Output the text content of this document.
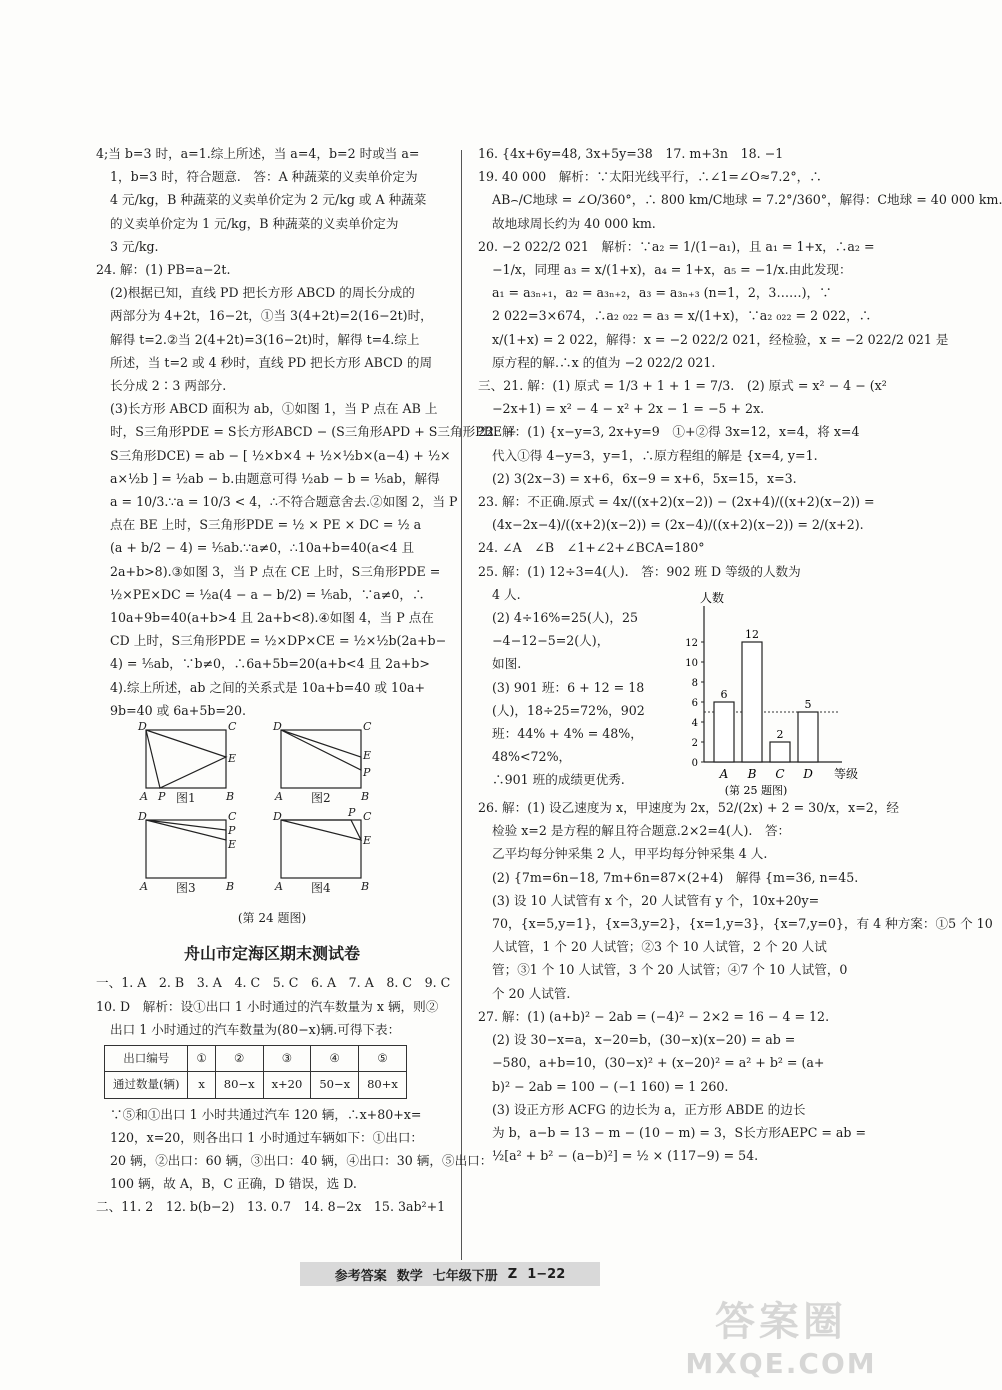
4;当 b=3 时，a=1.综上所述，当 a=4，b=2 时或当 a=
1，b=3 时，符合题意.　答：A 种蔬菜的义卖单价定为
4 元/kg，B 种蔬菜的义卖单价定为 2 元/kg 或 A 种蔬菜
的义卖单价定为 1 元/kg，B 种蔬菜的义卖单价定为
3 元/kg.
24. 解：(1) PB=a−2t.
(2)根据已知，直线 PD 把长方形 ABCD 的周长分成的
两部分为 4+2t，16−2t，①当 3(4+2t)=2(16−2t)时，
解得 t=2.②当 2(4+2t)=3(16−2t)时，解得 t=4.综上
所述，当 t=2 或 4 秒时，直线 PD 把长方形 ABCD 的周
长分成 2∶3 两部分.
(3)长方形 ABCD 面积为 ab，①如图 1，当 P 点在 AB 上
时，S三角形PDE = S长方形ABCD − (S三角形APD + S三角形PBE +
S三角形DCE) = ab − [ ½×b×4 + ½×½b×(a−4) + ½×
a×½b ] = ½ab − b.由题意可得 ½ab − b = ⅕ab，解得
a = 10/3.∵a = 10/3 < 4，∴不符合题意舍去.②如图 2，当 P
点在 BE 上时，S三角形PDE = ½ × PE × DC = ½ a
(a + b/2 − 4) = ⅕ab.∵a≠0，∴10a+b=40(a<4 且
2a+b>8).③如图 3，当 P 点在 CE 上时，S三角形PDE =
½×PE×DC = ½a(4 − a − b/2) = ⅕ab，∵a≠0，∴
10a+9b=40(a+b>4 且 2a+b<8).④如图 4，当 P 点在
CD 上时，S三角形PDE = ½×DP×CE = ½×½b(2a+b−
4) = ⅕ab，∵b≠0，∴6a+5b=20(a+b<4 且 2a+b>
4).综上所述，ab 之间的关系式是 10a+b=40 或 10a+
9b=40 或 6a+5b=20.
D	C
E
A P	B
D	C
E
P
A	B
D	C
P
E
A	B
D	P C
E
A	B
图1	图2
图3	图4
(第 24 题图)
舟山市定海区期末测试卷
一、1. A　2. B　3. A　4. C　5. C　6. A　7. A　8. C　9. C
10. D　解析：设①出口 1 小时通过的汽车数量为 x 辆，则②
出口 1 小时通过的汽车数量为(80−x)辆.可得下表：
出口编号	①	②	③	④	⑤
通过数量(辆)	x	80−x	x+20	50−x	80+x
∵⑤和①出口 1 小时共通过汽车 120 辆，∴x+80+x=
120，x=20，则各出口 1 小时通过车辆如下：①出口：
20 辆，②出口：60 辆，③出口：40 辆，④出口：30 辆，⑤出口：
100 辆，故 A，B，C 正确，D 错误，选 D.
二、11. 2　12. b(b−2)　13. 0.7　14. 8−2x　15. 3ab²+1
16. {4x+6y=48, 3x+5y=38　17. m+3n　18. −1
19. 40 000　解析：∵太阳光线平行，∴∠1=∠O≈7.2°，∴
AB⌢/C地球 = ∠O/360°，∴ 800 km/C地球 = 7.2°/360°，解得：C地球 = 40 000 km.
故地球周长约为 40 000 km.
20. −2 022/2 021　解析：∵a₂ = 1/(1−a₁)，且 a₁ = 1+x，∴a₂ =
−1/x，同理 a₃ = x/(1+x)，a₄ = 1+x，a₅ = −1/x.由此发现：
a₁ = a₃ₙ₊₁，a₂ = a₃ₙ₊₂，a₃ = a₃ₙ₊₃ (n=1，2，3……)，∵
2 022=3×674，∴a₂ ₀₂₂ = a₃ = x/(1+x)，∵a₂ ₀₂₂ = 2 022，∴
x/(1+x) = 2 022，解得：x = −2 022/2 021，经检验，x = −2 022/2 021 是
原方程的解.∴x 的值为 −2 022/2 021.
三、21. 解：(1) 原式 = 1/3 + 1 + 1 = 7/3.　(2) 原式 = x² − 4 − (x²
−2x+1) = x² − 4 − x² + 2x − 1 = −5 + 2x.
22. 解：(1) {x−y=3, 2x+y=9　①+②得 3x=12，x=4，将 x=4
代入①得 4−y=3，y=1，∴原方程组的解是 {x=4, y=1.
(2) 3(2x−3) = x+6，6x−9 = x+6，5x=15，x=3.
23. 解：不正确.原式 = 4x/((x+2)(x−2)) − (2x+4)/((x+2)(x−2)) =
(4x−2x−4)/((x+2)(x−2)) = (2x−4)/((x+2)(x−2)) = 2/(x+2).
24. ∠A　∠B　∠1+∠2+∠BCA=180°
25. 解：(1) 12÷3=4(人).　答：902 班 D 等级的人数为
4 人.
(2) 4÷16%=25(人)，25
−4−12−5=2(人)，
如图.
(3) 901 班：6 + 12 = 18
(人)，18÷25=72%，902
班：44% + 4% = 48%，
48%<72%，
∴901 班的成绩更优秀.
人数
等级
0
2
4
6
8
10
12
6
A
12
B
2
C
5
D
(第 25 题图)
26. 解：(1) 设乙速度为 x，甲速度为 2x，52/(2x) + 2 = 30/x，x=2，经
检验 x=2 是方程的解且符合题意.2×2=4(人).　答：
乙平均每分钟采集 2 人，甲平均每分钟采集 4 人.
(2) {7m=6n−18, 7m+6n=87×(2+4)　解得 {m=36, n=45.
(3) 设 10 人试管有 x 个，20 人试管有 y 个，10x+20y=
70，{x=5,y=1}，{x=3,y=2}，{x=1,y=3}，{x=7,y=0}，有 4 种方案：①5 个 10
人试管，1 个 20 人试管；②3 个 10 人试管，2 个 20 人试
管；③1 个 10 人试管，3 个 20 人试管；④7 个 10 人试管，0
个 20 人试管.
27. 解：(1) (a+b)² − 2ab = (−4)² − 2×2 = 16 − 4 = 12.
(2) 设 30−x=a，x−20=b，(30−x)(x−20) = ab =
−580，a+b=10，(30−x)² + (x−20)² = a² + b² = (a+
b)² − 2ab = 100 − (−1 160) = 1 260.
(3) 设正方形 ACFG 的边长为 a，正方形 ABDE 的边长
为 b，a−b = 13 − m − (10 − m) = 3，S长方形AEPC = ab =
½[a² + b² − (a−b)²] = ½ × (117−9) = 54.
参考答案 数学 七年级下册 Z 1−22
答案圈
MXQE.COM
